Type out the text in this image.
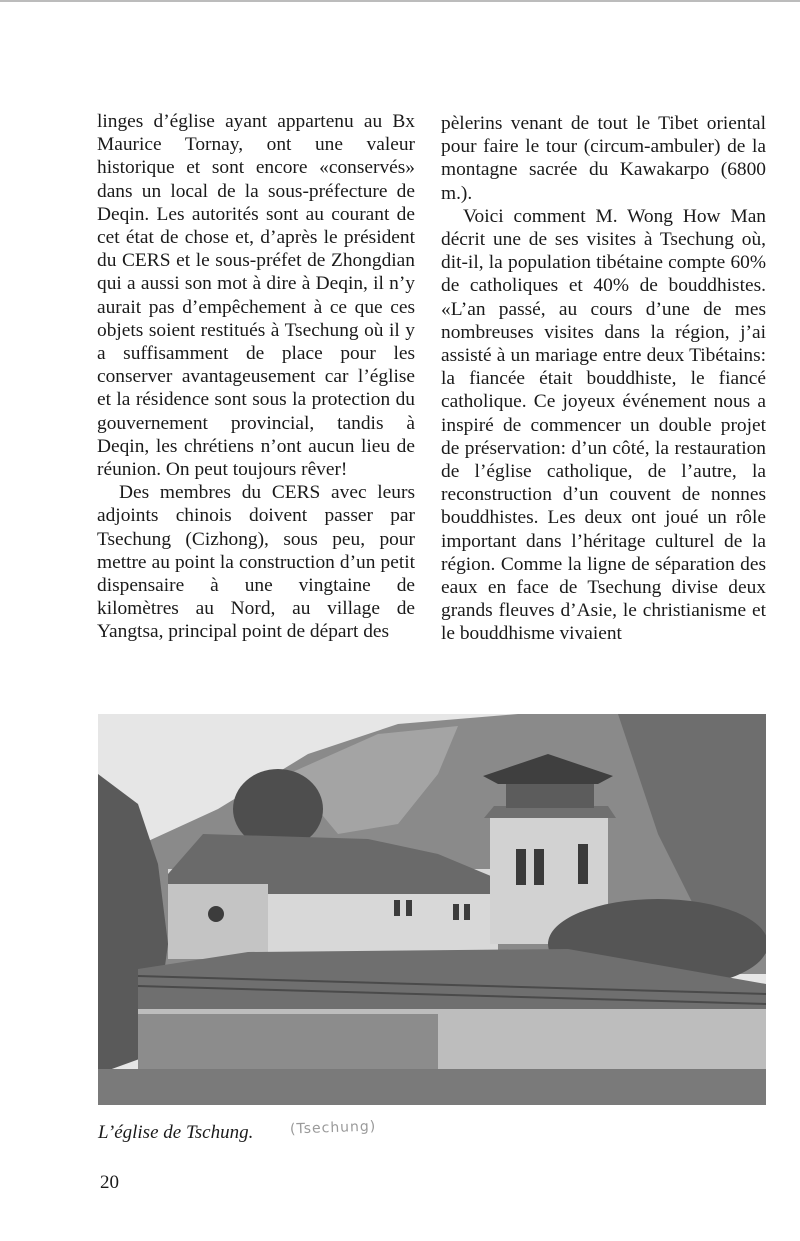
linges d’église ayant appartenu au Bx Maurice Tornay, ont une valeur historique et sont encore «conservés» dans un local de la sous-préfecture de Deqin. Les autorités sont au courant de cet état de chose et, d’après le président du CERS et le sous-préfet de Zhongdian qui a aussi son mot à dire à Deqin, il n’y aurait pas d’empêchement à ce que ces objets soient restitués à Tsechung où il y a suffisamment de place pour les conserver avantageusement car l’église et la résidence sont sous la protection du gouvernement provincial, tandis à Deqin, les chrétiens n’ont aucun lieu de réunion. On peut toujours rêver!

Des membres du CERS avec leurs adjoints chinois doivent passer par Tsechung (Cizhong), sous peu, pour mettre au point la construction d’un petit dispensaire à une vingtaine de kilomètres au Nord, au village de Yangtsa, principal point de départ des

pèlerins venant de tout le Tibet oriental pour faire le tour (circum-ambuler) de la montagne sacrée du Kawakarpo (6800 m.).

Voici comment M. Wong How Man décrit une de ses visites à Tsechung où, dit-il, la population tibétaine compte 60% de catholiques et 40% de bouddhistes. «L’an passé, au cours d’une de mes nombreuses visites dans la région, j’ai assisté à un mariage entre deux Tibétains: la fiancée était bouddhiste, le fiancé catholique. Ce joyeux événement nous a inspiré de commencer un double projet de préservation: d’un côté, la restauration de l’église catholique, de l’autre, la reconstruction d’un couvent de nonnes bouddhistes. Les deux ont joué un rôle important dans l’héritage culturel de la région. Comme la ligne de séparation des eaux en face de Tsechung divise deux grands fleuves d’Asie, le christianisme et le bouddhisme vivaient

L’église de Tschung.	(Tsechung)
20
